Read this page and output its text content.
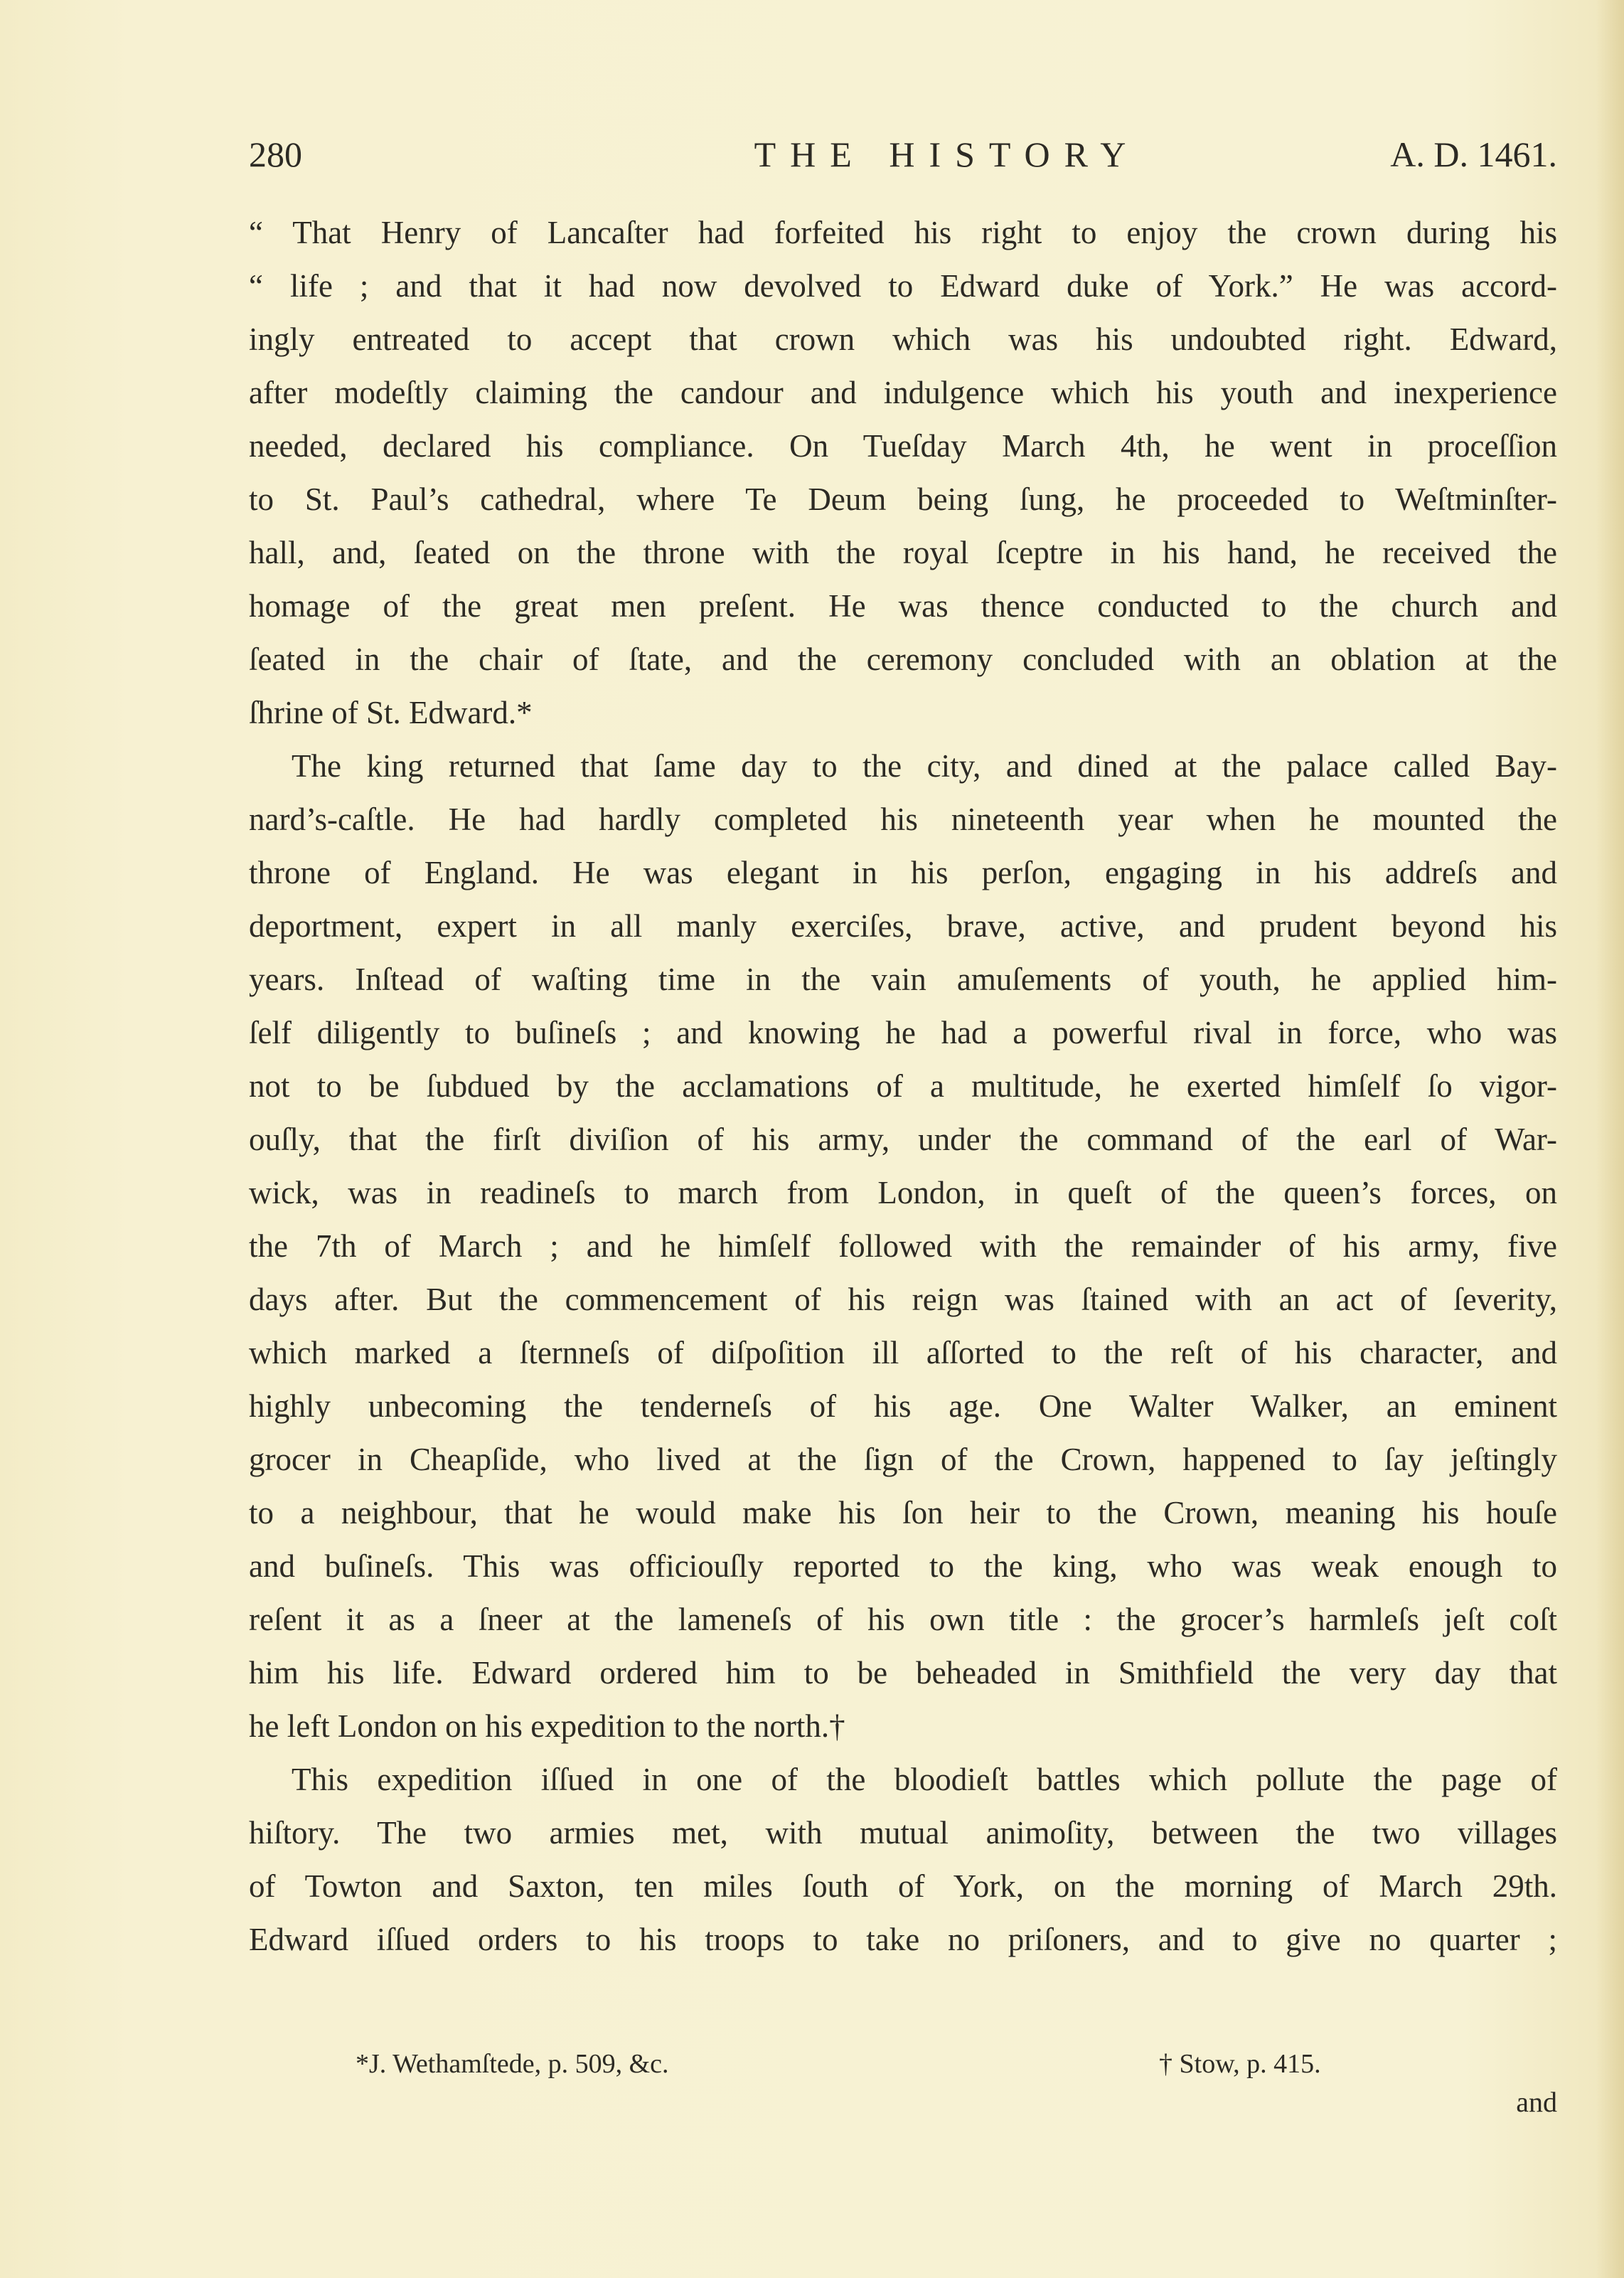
280	THE HISTORY	A. D. 1461.
“ That Henry of Lancaſter had forfeited his right to enjoy the crown during his
“ life ; and that it had now devolved to Edward duke of York.” He was accord-
ingly entreated to accept that crown which was his undoubted right. Edward,
after modeſtly claiming the candour and indulgence which his youth and inexperience
needed, declared his compliance. On Tueſday March 4th, he went in proceſſion
to St. Paul’s cathedral, where Te Deum being ſung, he proceeded to Weſtminſter-
hall, and, ſeated on the throne with the royal ſceptre in his hand, he received the
homage of the great men preſent. He was thence conducted to the church and
ſeated in the chair of ſtate, and the ceremony concluded with an oblation at the
ſhrine of St. Edward.*
The king returned that ſame day to the city, and dined at the palace called Bay-
nard’s-caſtle. He had hardly completed his nineteenth year when he mounted the
throne of England. He was elegant in his perſon, engaging in his addreſs and
deportment, expert in all manly exerciſes, brave, active, and prudent beyond his
years. Inſtead of waſting time in the vain amuſements of youth, he applied him-
ſelf diligently to buſineſs ; and knowing he had a powerful rival in force, who was
not to be ſubdued by the acclamations of a multitude, he exerted himſelf ſo vigor-
ouſly, that the firſt diviſion of his army, under the command of the earl of War-
wick, was in readineſs to march from London, in queſt of the queen’s forces, on
the 7th of March ; and he himſelf followed with the remainder of his army, five
days after. But the commencement of his reign was ſtained with an act of ſeverity,
which marked a ſternneſs of diſpoſition ill aſſorted to the reſt of his character, and
highly unbecoming the tenderneſs of his age. One Walter Walker, an eminent
grocer in Cheapſide, who lived at the ſign of the Crown, happened to ſay jeſtingly
to a neighbour, that he would make his ſon heir to the Crown, meaning his houſe
and buſineſs. This was officiouſly reported to the king, who was weak enough to
reſent it as a ſneer at the lameneſs of his own title : the grocer’s harmleſs jeſt coſt
him his life. Edward ordered him to be beheaded in Smithfield the very day that
he left London on his expedition to the north.†
This expedition iſſued in one of the bloodieſt battles which pollute the page of
hiſtory. The two armies met, with mutual animoſity, between the two villages
of Towton and Saxton, ten miles ſouth of York, on the morning of March 29th.
Edward iſſued orders to his troops to take no priſoners, and to give no quarter ;
*J. Wethamſtede, p. 509, &c.	† Stow, p. 415.
and
